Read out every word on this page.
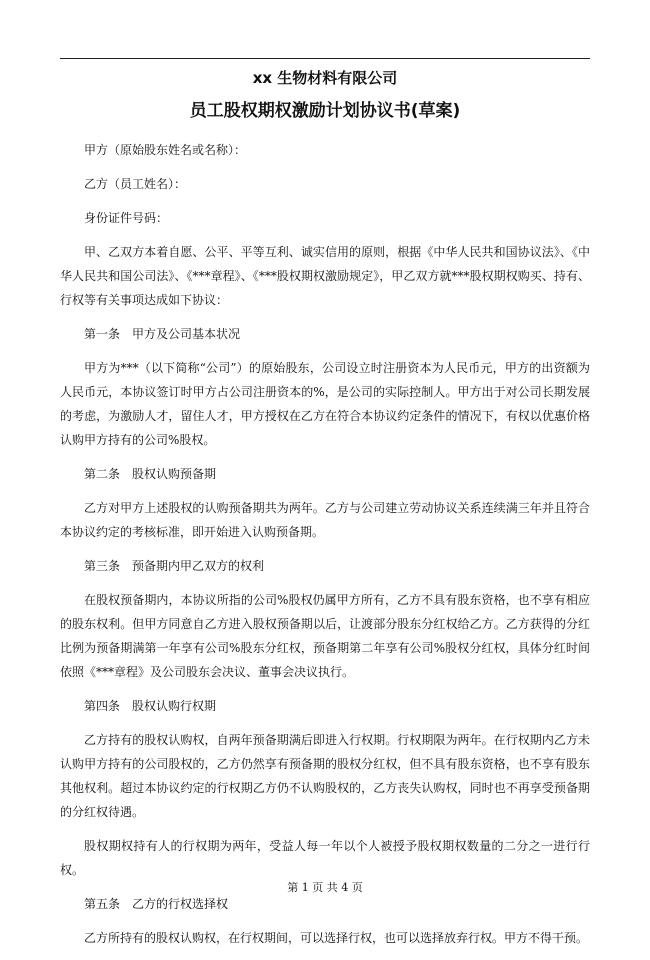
xx 生物材料有限公司
员工股权期权激励计划协议书(草案)

甲方（原始股东姓名或名称）：

乙方（员工姓名）：

身份证件号码：

甲、乙双方本着自愿、公平、平等互利、诚实信用的原则，根据《中华人民共和国协议法》、《中华人民共和国公司法》、《***章程》、《***股权期权激励规定》，甲乙双方就***股权期权购买、持有、行权等有关事项达成如下协议：

第一条　甲方及公司基本状况

甲方为***（以下简称“公司”）的原始股东，公司设立时注册资本为人民币元，甲方的出资额为人民币元，本协议签订时甲方占公司注册资本的%，是公司的实际控制人。甲方出于对公司长期发展的考虑，为激励人才，留住人才，甲方授权在乙方在符合本协议约定条件的情况下，有权以优惠价格认购甲方持有的公司%股权。

第二条　股权认购预备期

乙方对甲方上述股权的认购预备期共为两年。乙方与公司建立劳动协议关系连续满三年并且符合本协议约定的考核标准，即开始进入认购预备期。

第三条　预备期内甲乙双方的权利

在股权预备期内，本协议所指的公司%股权仍属甲方所有，乙方不具有股东资格，也不享有相应的股东权利。但甲方同意自乙方进入股权预备期以后，让渡部分股东分红权给乙方。乙方获得的分红比例为预备期满第一年享有公司%股东分红权，预备期第二年享有公司%股权分红权，具体分红时间依照《***章程》及公司股东会决议、董事会决议执行。

第四条　股权认购行权期

乙方持有的股权认购权，自两年预备期满后即进入行权期。行权期限为两年。在行权期内乙方未认购甲方持有的公司股权的，乙方仍然享有预备期的股权分红权，但不具有股东资格，也不享有股东其他权利。超过本协议约定的行权期乙方仍不认购股权的，乙方丧失认购权，同时也不再享受预备期的分红权待遇。

股权期权持有人的行权期为两年，受益人每一年以个人被授予股权期权数量的二分之一进行行权。

第五条　乙方的行权选择权

乙方所持有的股权认购权，在行权期间，可以选择行权，也可以选择放弃行权。甲方不得干预。

第 1 页 共 4 页
